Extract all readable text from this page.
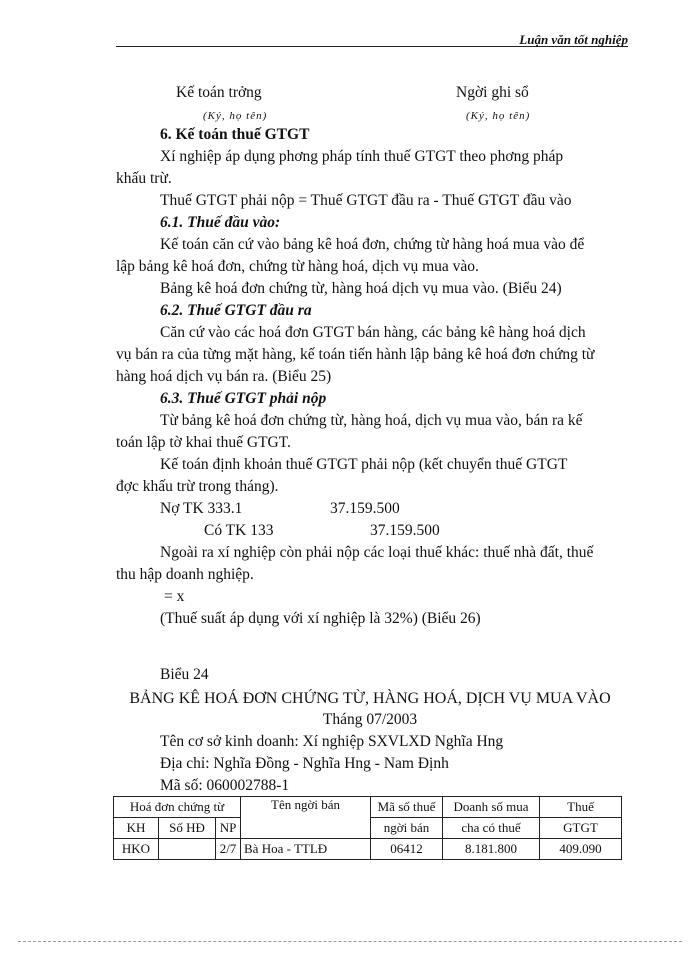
Luận văn tốt nghiệp
Kế toán trởng
(Ký, họ tên)
Ngời ghi sổ
(Ký, họ tên)
6. Kế toán thuế GTGT
Xí nghiệp áp dụng phơng pháp tính thuế GTGT theo phơng pháp
khấu trừ.
Thuế GTGT phải nộp = Thuế GTGT đầu ra - Thuế GTGT đầu vào
6.1. Thuế đầu vào:
Kế toán căn cứ vào bảng kê hoá đơn, chứng từ hàng hoá mua vào để
lập bảng kê hoá đơn, chứng từ hàng hoá, dịch vụ mua vào.
Bảng kê hoá đơn chứng từ, hàng hoá dịch vụ mua vào. (Biểu 24)
6.2. Thuế GTGT đầu ra
Căn cứ vào các hoá đơn GTGT bán hàng, các bảng kê hàng hoá dịch
vụ bán ra của từng mặt hàng, kế toán tiến hành lập bảng kê hoá đơn chứng từ
hàng hoá dịch vụ bán ra. (Biểu 25)
6.3. Thuế GTGT phải nộp
Từ bảng kê hoá đơn chứng từ, hàng hoá, dịch vụ mua vào, bán ra kế
toán lập tờ khai thuế GTGT.
Kế toán định khoản thuế GTGT phải nộp (kết chuyển thuế GTGT
đợc khấu trừ trong tháng).
Nợ TK 333.1	37.159.500
Có TK 133	37.159.500
Ngoài ra xí nghiệp còn phải nộp các loại thuế khác: thuế nhà đất, thuế
thu hập doanh nghiệp.
= x
(Thuế suất áp dụng với xí nghiệp là 32%) (Biểu 26)
Biểu 24
BẢNG KÊ HOÁ ĐƠN CHỨNG TỪ, HÀNG HOÁ, DỊCH VỤ MUA VÀO
Tháng 07/2003
Tên cơ sở kinh doanh: Xí nghiệp SXVLXD Nghĩa Hng
Địa chỉ: Nghĩa Đồng - Nghĩa Hng - Nam Định
Mã số: 060002788-1
Hoá đơn chứng từ			Tên ngời bán	Mã số thuế	Doanh số mua	Thuế
KH	Số HĐ	NP		ngời bán	cha có thuế	GTGT
HKO		2/7	Bà Hoa - TTLĐ	06412	8.181.800	409.090
